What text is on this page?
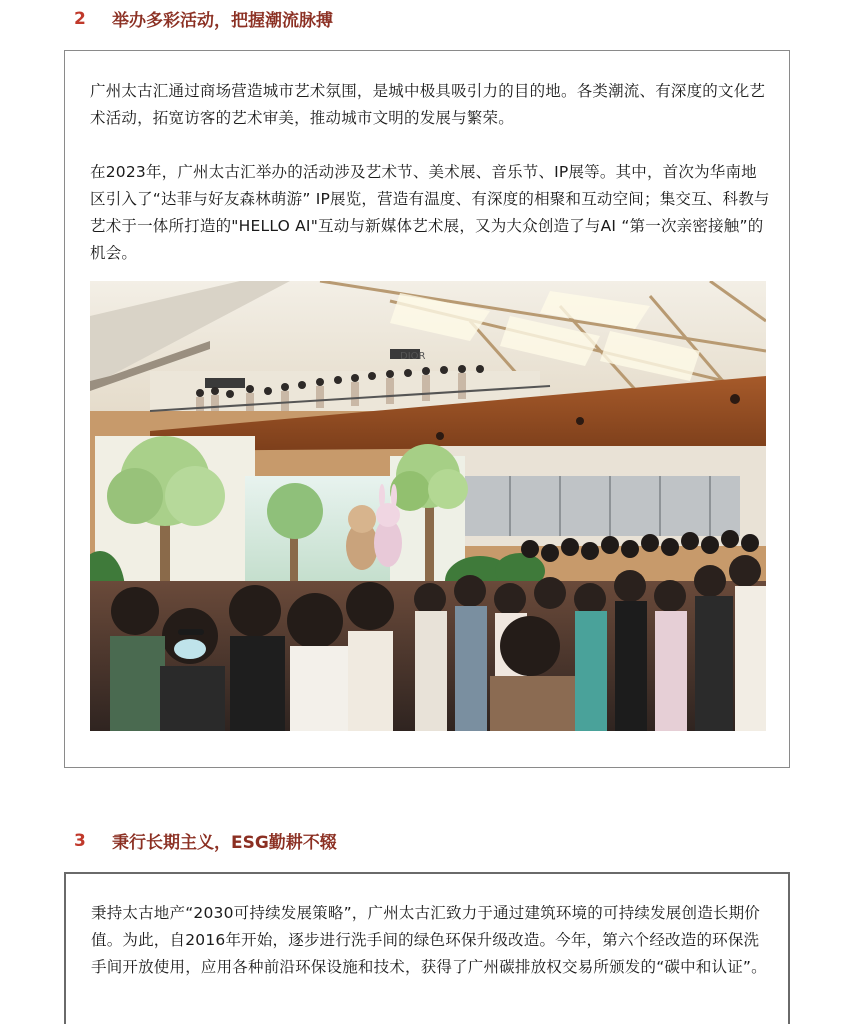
2	举办多彩活动，把握潮流脉搏

广州太古汇通过商场营造城市艺术氛围，是城中极具吸引力的目的地。各类潮流、有深度的文化艺术活动，拓宽访客的艺术审美，推动城市文明的发展与繁荣。

在2023年，广州太古汇举办的活动涉及艺术节、美术展、音乐节、IP展等。其中，首次为华南地区引入了“达菲与好友森林萌游” IP展览，营造有温度、有深度的相聚和互动空间；集交互、科教与艺术于一体所打造的"HELLO AI"互动与新媒体艺术展，又为大众创造了与AI “第一次亲密接触”的机会。

DIOR
3	秉行长期主义，ESG勤耕不辍

秉持太古地产“2030可持续发展策略”，广州太古汇致力于通过建筑环境的可持续发展创造长期价值。为此，自2016年开始，逐步进行洗手间的绿色环保升级改造。今年，第六个经改造的环保洗手间开放使用，应用各种前沿环保设施和技术，获得了广州碳排放权交易所颁发的“碳中和认证”。
